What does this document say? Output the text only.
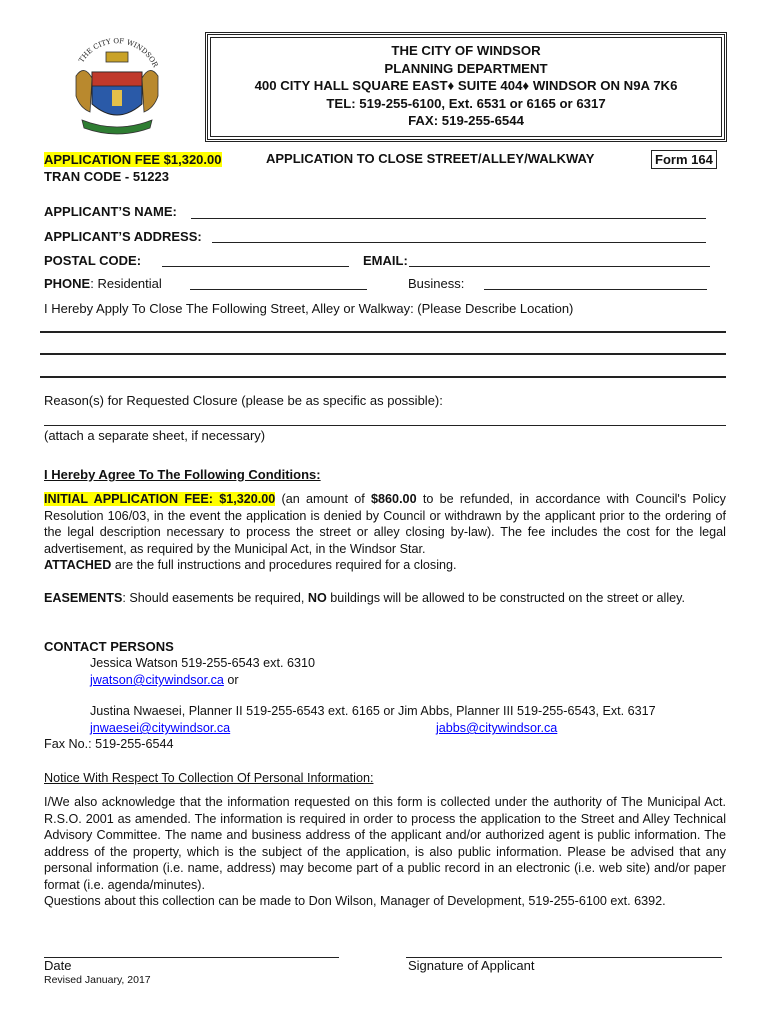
THE CITY OF WINDSOR
THE CITY OF WINDSOR
PLANNING DEPARTMENT
400 CITY HALL SQUARE EAST♦ SUITE 404♦ WINDSOR ON N9A 7K6
TEL: 519-255-6100, Ext. 6531 or 6165 or 6317
FAX: 519-255-6544
APPLICATION FEE $1,320.00
TRAN CODE - 51223
APPLICATION TO CLOSE STREET/ALLEY/WALKWAY	Form 164
APPLICANT’S NAME:
APPLICANT’S ADDRESS:
POSTAL CODE:	EMAIL:
PHONE: Residential	Business:
I Hereby Apply To Close The Following Street, Alley or Walkway: (Please Describe Location)
Reason(s) for Requested Closure (please be as specific as possible):
(attach a separate sheet, if necessary)
I Hereby Agree To The Following Conditions:
INITIAL APPLICATION FEE: $1,320.00 (an amount of $860.00 to be refunded, in accordance with Council's Policy Resolution 106/03, in the event the application is denied by Council or withdrawn by the applicant prior to the ordering of the legal description necessary to process the street or alley closing by-law). The fee includes the cost for the legal advertisement, as required by the Municipal Act, in the Windsor Star.
ATTACHED are the full instructions and procedures required for a closing.
EASEMENTS: Should easements be required, NO buildings will be allowed to be constructed on the street or alley.
CONTACT PERSONS
Jessica Watson 519-255-6543 ext. 6310
jwatson@citywindsor.ca or
Justina Nwaesei, Planner II 519-255-6543 ext. 6165 or Jim Abbs, Planner III 519-255-6543, Ext. 6317
jnwaesei@citywindsor.ca	jabbs@citywindsor.ca
Fax No.: 519-255-6544
Notice With Respect To Collection Of Personal Information:
I/We also acknowledge that the information requested on this form is collected under the authority of The Municipal Act. R.S.O. 2001 as amended. The information is required in order to process the application to the Street and Alley Technical Advisory Committee. The name and business address of the applicant and/or authorized agent is public information. The address of the property, which is the subject of the application, is also public information. Please be advised that any personal information (i.e. name, address) may become part of a public record in an electronic (i.e. web site) and/or paper format (i.e. agenda/minutes).
Questions about this collection can be made to Don Wilson, Manager of Development, 519-255-6100 ext. 6392.
Date	Signature of Applicant
Revised January, 2017
